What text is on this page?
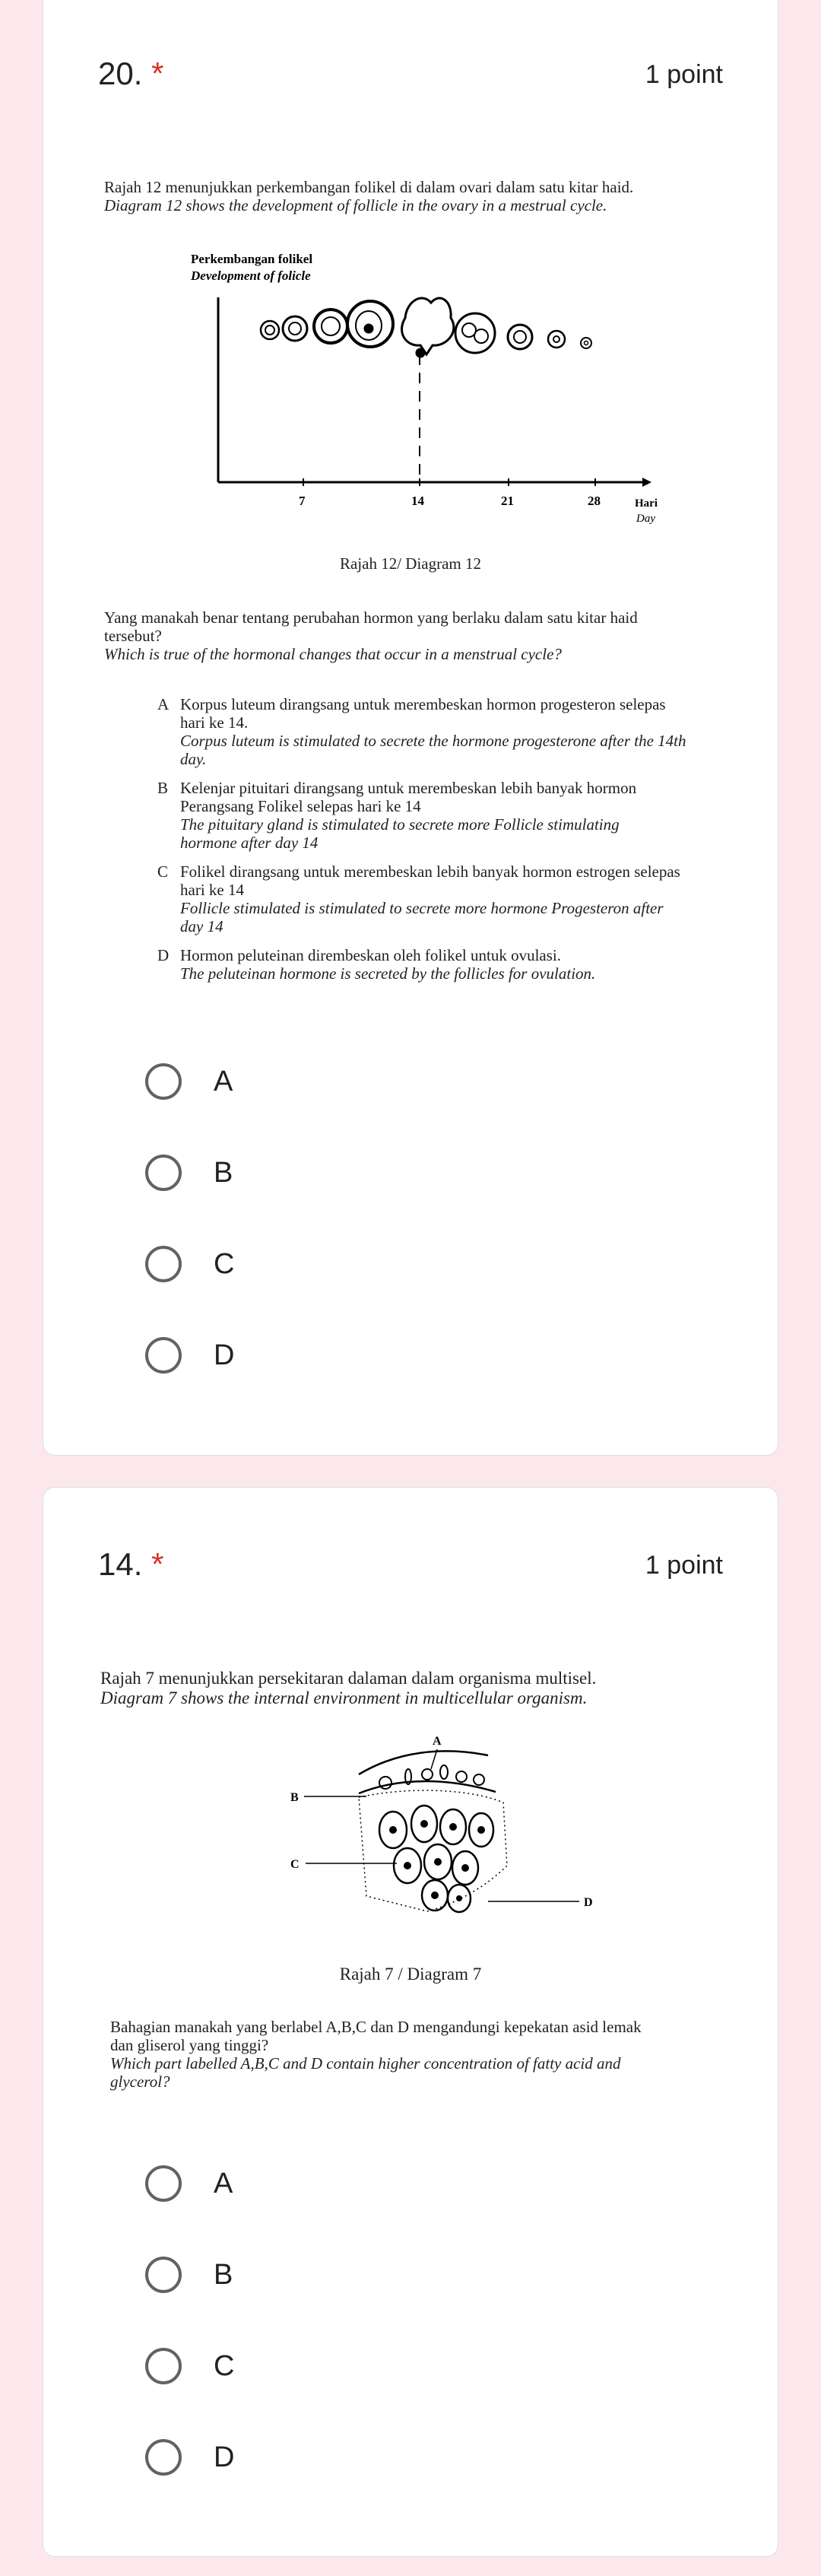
20. *	1 point

Rajah 12 menunjukkan perkembangan folikel di dalam ovari dalam satu kitar haid.

Diagram 12 shows the development of follicle in the ovary in a mestrual cycle.

Perkembangan folikel
Development of folicle
7	14	21	28	Hari
Day
Rajah 12/ Diagram 12

Yang manakah benar tentang perubahan hormon yang berlaku dalam satu kitar haid

tersebut?

Which is true of the hormonal changes that occur in a menstrual cycle?

A Korpus luteum dirangsang untuk merembeskan hormon progesteron selepas
hari ke 14.
Corpus luteum is stimulated to secrete the hormone progesterone after the 14th
day.
B Kelenjar pituitari dirangsang untuk merembeskan lebih banyak hormon
Perangsang Folikel selepas hari ke 14
The pituitary gland is stimulated to secrete more Follicle stimulating
hormone after day 14
C Folikel dirangsang untuk merembeskan lebih banyak hormon estrogen selepas
hari ke 14
Follicle stimulated is stimulated to secrete more hormone Progesteron after
day 14
D Hormon peluteinan dirembeskan oleh folikel untuk ovulasi.
The peluteinan hormone is secreted by the follicles for ovulation.
A
B
C
D
14. *	1 point

Rajah 7 menunjukkan persekitaran dalaman dalam organisma multisel.

Diagram 7 shows the internal environment in multicellular organism.

A
B
C
D
Rajah 7 / Diagram 7

Bahagian manakah yang berlabel A,B,C dan D mengandungi kepekatan asid lemak

dan gliserol yang tinggi?

Which part labelled A,B,C and D contain higher concentration of fatty acid and

glycerol?

A
B
C
D
